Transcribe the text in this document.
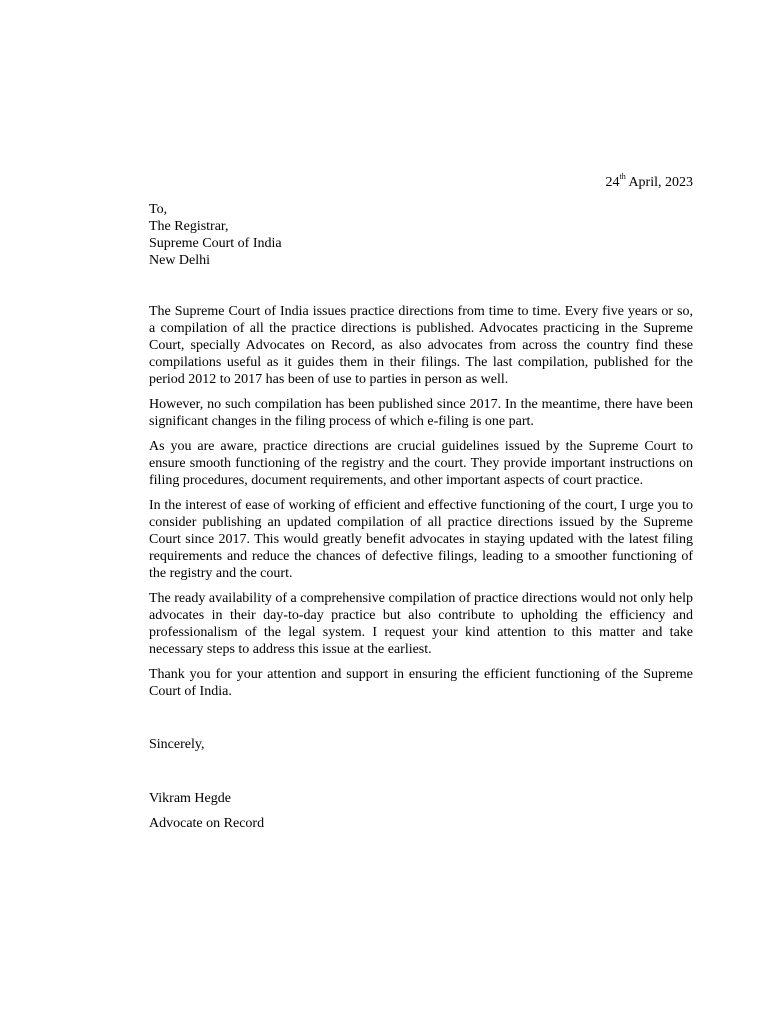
24th April, 2023
To,
The Registrar,
Supreme Court of India
New Delhi

The Supreme Court of India issues practice directions from time to time. Every five years or so, a compilation of all the practice directions is published. Advocates practicing in the Supreme Court, specially Advocates on Record, as also advocates from across the country find these compilations useful as it guides them in their filings. The last compilation, published for the period 2012 to 2017 has been of use to parties in person as well.

However, no such compilation has been published since 2017. In the meantime, there have been significant changes in the filing process of which e-filing is one part.

As you are aware, practice directions are crucial guidelines issued by the Supreme Court to ensure smooth functioning of the registry and the court. They provide important instructions on filing procedures, document requirements, and other important aspects of court practice.

In the interest of ease of working of efficient and effective functioning of the court, I urge you to consider publishing an updated compilation of all practice directions issued by the Supreme Court since 2017. This would greatly benefit advocates in staying updated with the latest filing requirements and reduce the chances of defective filings, leading to a smoother functioning of the registry and the court.

The ready availability of a comprehensive compilation of practice directions would not only help advocates in their day-to-day practice but also contribute to upholding the efficiency and professionalism of the legal system. I request your kind attention to this matter and take necessary steps to address this issue at the earliest.

Thank you for your attention and support in ensuring the efficient functioning of the Supreme Court of India.

Sincerely,
Vikram Hegde
Advocate on Record
